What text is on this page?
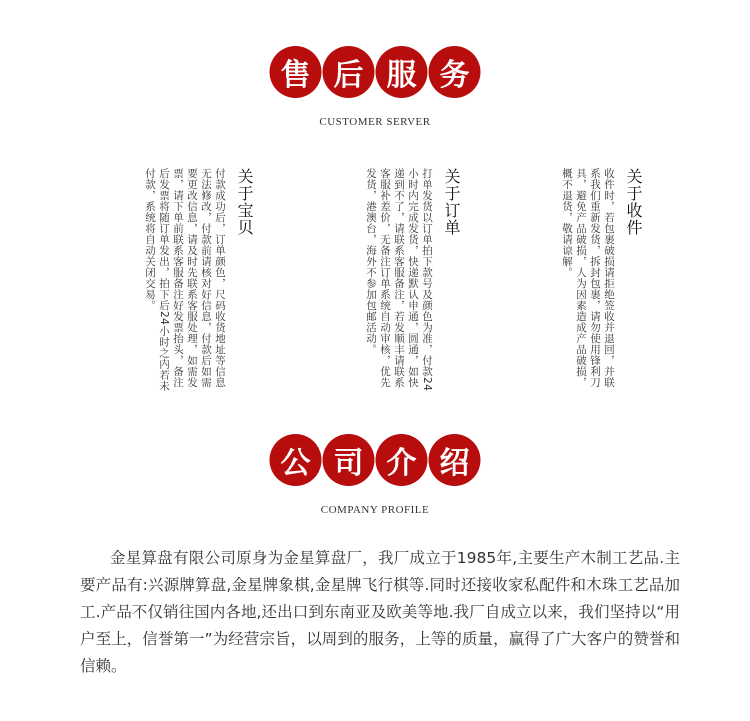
售 后 服 务
CUSTOMER SERVER
关于收件
收件时，若包裹破损请拒绝签收并退回，并联系我们重新发货，拆封包裹，请勿使用锋利刀具，避免产品破损，人为因素造成产品破损，概不退货，敬请谅解。
关于订单
打单发货以订单拍下款号及颜色为准，付款24小时内完成发货，快递默认申通，圆通，如快递到不了，请联系客服备注，若发顺丰请联系客服补差价，无备注订单系统自动审核，优先发货，港澳台，海外不参加包邮活动。
关于宝贝
付款成功后，订单颜色，尺码收货地址等信息无法修改，付款前请核对好信息，付款后如需要更改信息，请及时先联系客服处理，如需发票，请下单前联系客服备注好发票抬头，备注后发票将随订单发出，拍下后24小时之内若未付款，系统将自动关闭交易。
公 司 介 绍
COMPANY PROFILE
金星算盘有限公司原身为金星算盘厂，我厂成立于1985年,主要生产木制工艺品.主要产品有:兴源牌算盘,金星牌象棋,金星牌飞行棋等.同时还接收家私配件和木珠工艺品加工.产品不仅销往国内各地,还出口到东南亚及欧美等地.我厂自成立以来，我们坚持以“用户至上，信誉第一”为经营宗旨，以周到的服务，上等的质量，赢得了广大客户的赞誉和信赖。
